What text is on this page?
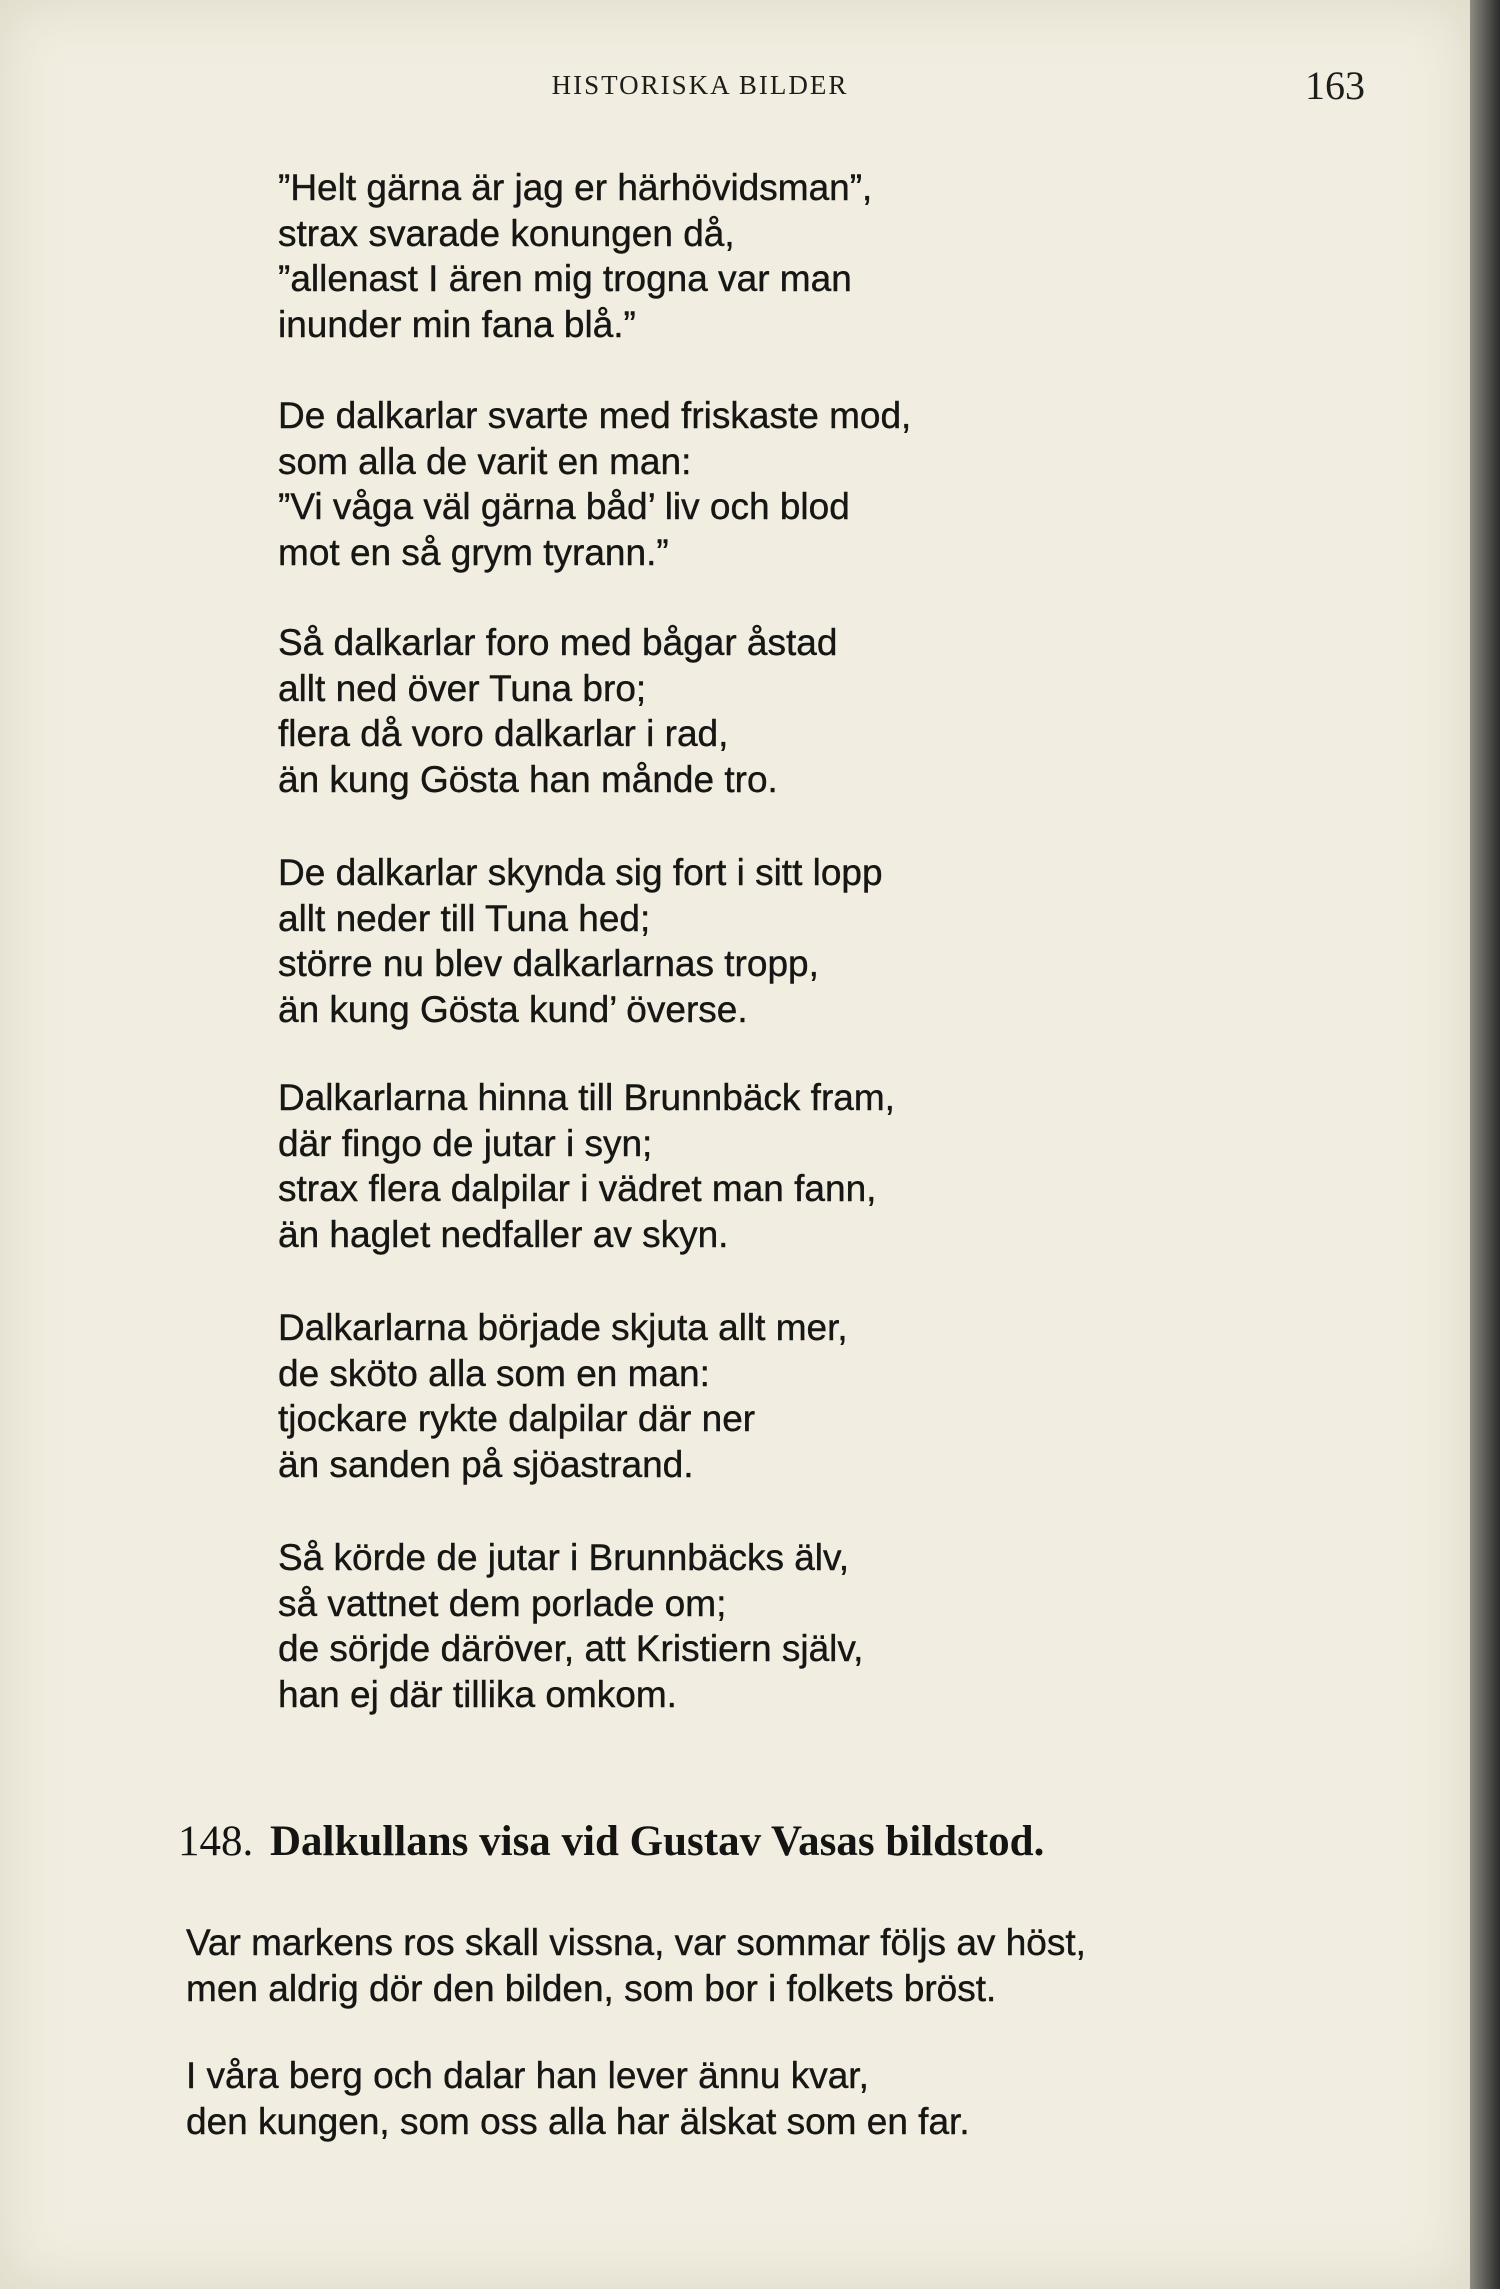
HISTORISKA BILDER	163
”Helt gärna är jag er härhövidsman”,
strax svarade konungen då,
”allenast I ären mig trogna var man
inunder min fana blå.”
De dalkarlar svarte med friskaste mod,
som alla de varit en man:
”Vi våga väl gärna båd’ liv och blod
mot en så grym tyrann.”
Så dalkarlar foro med bågar åstad
allt ned över Tuna bro;
flera då voro dalkarlar i rad,
än kung Gösta han månde tro.
De dalkarlar skynda sig fort i sitt lopp
allt neder till Tuna hed;
större nu blev dalkarlarnas tropp,
än kung Gösta kund’ överse.
Dalkarlarna hinna till Brunnbäck fram,
där fingo de jutar i syn;
strax flera dalpilar i vädret man fann,
än haglet nedfaller av skyn.
Dalkarlarna började skjuta allt mer,
de sköto alla som en man:
tjockare rykte dalpilar där ner
än sanden på sjöastrand.
Så körde de jutar i Brunnbäcks älv,
så vattnet dem porlade om;
de sörjde däröver, att Kristiern själv,
han ej där tillika omkom.
148. Dalkullans visa vid Gustav Vasas bildstod.
Var markens ros skall vissna, var sommar följs av höst,
men aldrig dör den bilden, som bor i folkets bröst.
I våra berg och dalar han lever ännu kvar,
den kungen, som oss alla har älskat som en far.
